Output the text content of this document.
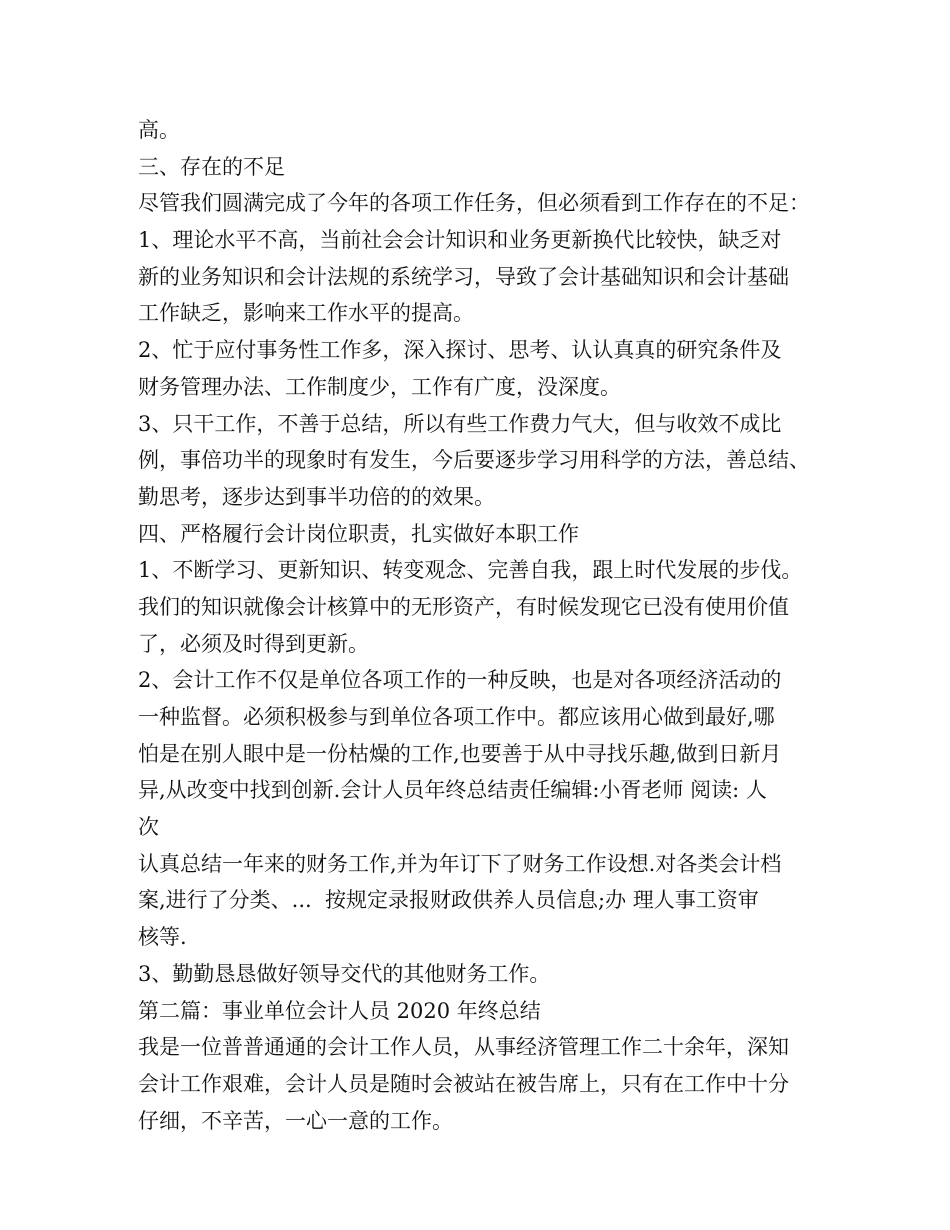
高。
三、存在的不足
尽管我们圆满完成了今年的各项工作任务，但必须看到工作存在的不足：
1、理论水平不高，当前社会会计知识和业务更新换代比较快，缺乏对
新的业务知识和会计法规的系统学习，导致了会计基础知识和会计基础
工作缺乏，影响来工作水平的提高。
2、忙于应付事务性工作多，深入探讨、思考、认认真真的研究条件及
财务管理办法、工作制度少，工作有广度，没深度。
3、只干工作，不善于总结，所以有些工作费力气大，但与收效不成比
例，事倍功半的现象时有发生，今后要逐步学习用科学的方法，善总结、
勤思考，逐步达到事半功倍的的效果。
四、严格履行会计岗位职责，扎实做好本职工作
1、不断学习、更新知识、转变观念、完善自我，跟上时代发展的步伐。
我们的知识就像会计核算中的无形资产，有时候发现它已没有使用价值
了，必须及时得到更新。
2、会计工作不仅是单位各项工作的一种反映，也是对各项经济活动的
一种监督。必须积极参与到单位各项工作中。都应该用心做到最好,哪
怕是在别人眼中是一份枯燥的工作,也要善于从中寻找乐趣,做到日新月
异,从改变中找到创新.会计人员年终总结责任编辑:小胥老师 阅读: 人
次
认真总结一年来的财务工作,并为年订下了财务工作设想.对各类会计档
案,进行了分类、...  按规定录报财政供养人员信息;办 理人事工资审
核等.
3、勤勤恳恳做好领导交代的其他财务工作。
第二篇：事业单位会计人员 2020 年终总结
我是一位普普通通的会计工作人员，从事经济管理工作二十余年，深知
会计工作艰难，会计人员是随时会被站在被告席上，只有在工作中十分
仔细，不辛苦，一心一意的工作。
